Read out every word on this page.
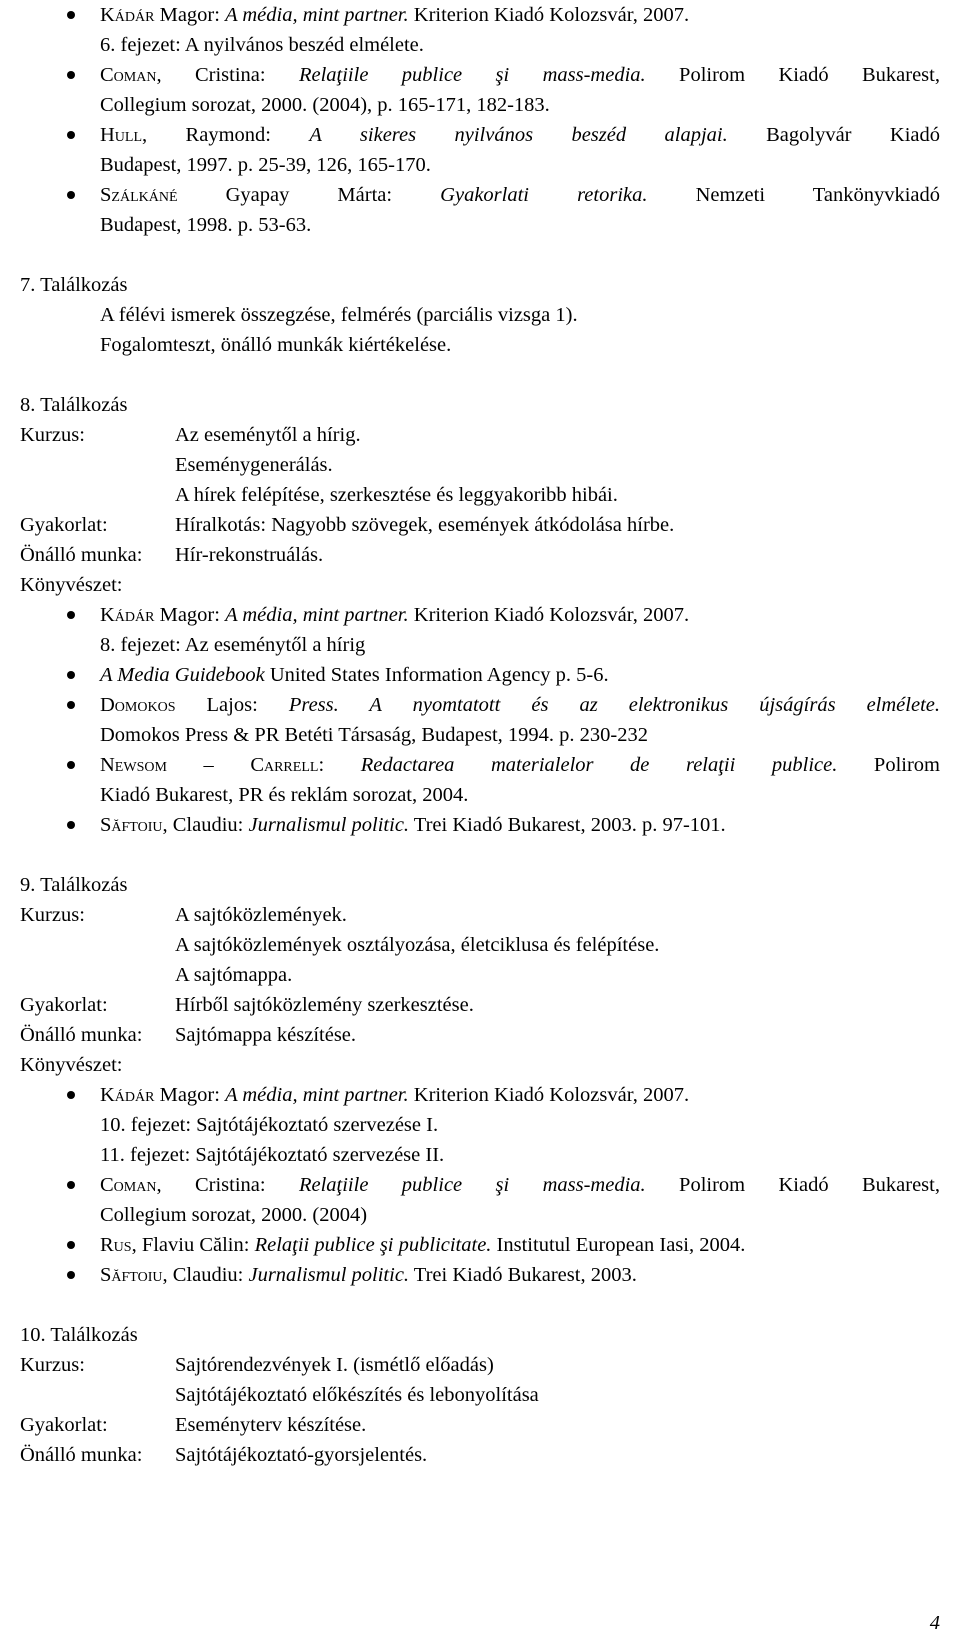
Kádár Magor: A média, mint partner. Kriterion Kiadó Kolozsvár, 2007.
6. fejezet: A nyilvános beszéd elmélete.
Coman, Cristina: Relaţiile publice şi mass-media. Polirom Kiadó Bukarest,
Collegium sorozat, 2000. (2004), p. 165-171, 182-183.
Hull, Raymond: A sikeres nyilvános beszéd alapjai. Bagolyvár Kiadó
Budapest, 1997. p. 25-39, 126, 165-170.
Szálkáné Gyapay Márta: Gyakorlati retorika. Nemzeti Tankönyvkiadó
Budapest, 1998. p. 53-63.
7. Találkozás
A félévi ismerek összegzése, felmérés (parciális vizsga 1).
Fogalomteszt, önálló munkák kiértékelése.
8. Találkozás
Kurzus:	Az eseménytől a hírig.
Eseménygenerálás.
A hírek felépítése, szerkesztése és leggyakoribb hibái.
Gyakorlat:	Híralkotás: Nagyobb szövegek, események átkódolása hírbe.
Önálló munka: Hír-rekonstruálás.
Könyvészet:
Kádár Magor: A média, mint partner. Kriterion Kiadó Kolozsvár, 2007.
8. fejezet: Az eseménytől a hírig
A Media Guidebook United States Information Agency p. 5-6.
Domokos Lajos: Press. A nyomtatott és az elektronikus újságírás elmélete.
Domokos Press & PR Betéti Társaság, Budapest, 1994. p. 230-232
Newsom – Carrell: Redactarea materialelor de relaţii publice. Polirom
Kiadó Bukarest, PR és reklám sorozat, 2004.
Săftoiu, Claudiu: Jurnalismul politic. Trei Kiadó Bukarest, 2003. p. 97-101.
9. Találkozás
Kurzus:	A sajtóközlemények.
A sajtóközlemények osztályozása, életciklusa és felépítése.
A sajtómappa.
Gyakorlat:	Hírből sajtóközlemény szerkesztése.
Önálló munka: Sajtómappa készítése.
Könyvészet:
Kádár Magor: A média, mint partner. Kriterion Kiadó Kolozsvár, 2007.
10. fejezet: Sajtótájékoztató szervezése I.
11. fejezet: Sajtótájékoztató szervezése II.
Coman, Cristina: Relaţiile publice şi mass-media. Polirom Kiadó Bukarest,
Collegium sorozat, 2000. (2004)
Rus, Flaviu Călin: Relaţii publice şi publicitate. Institutul European Iasi, 2004.
Săftoiu, Claudiu: Jurnalismul politic. Trei Kiadó Bukarest, 2003.
10. Találkozás
Kurzus:	Sajtórendezvények I. (ismétlő előadás)
Sajtótájékoztató előkészítés és lebonyolítása
Gyakorlat:	Eseményterv készítése.
Önálló munka: Sajtótájékoztató-gyorsjelentés.
4
